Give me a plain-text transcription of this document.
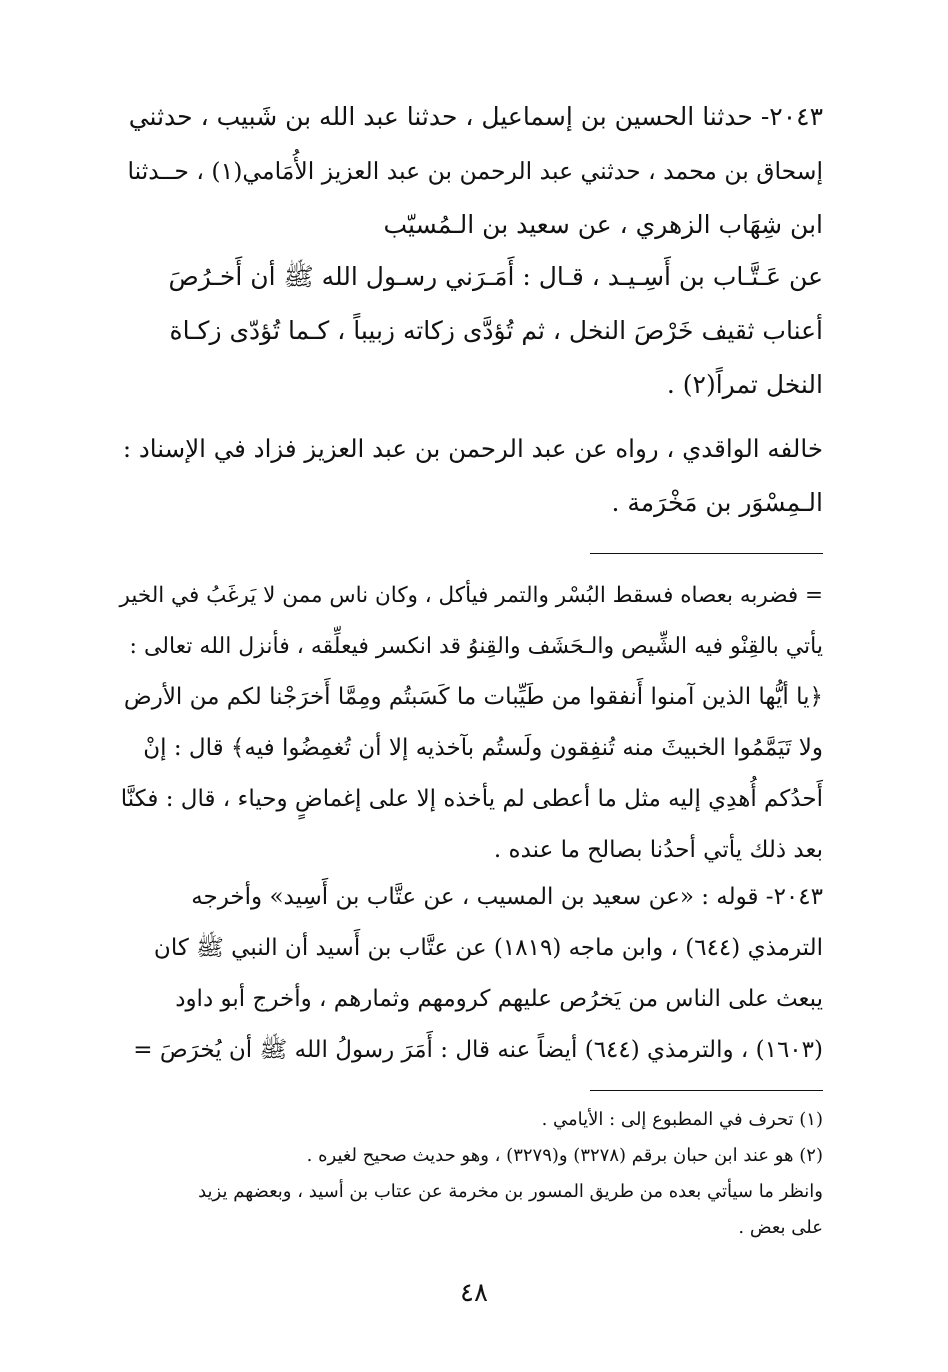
٢٠٤٣- حدثنا الحسين بن إسماعيل ، حدثنا عبد الله بن شَبيب ، حدثني
إسحاق بن محمد ، حدثني عبد الرحمن بن عبد العزيز الأُمَامي(١) ، حــدثنا
ابن شِهَاب الزهري ، عن سعيد بن الـمُسيّب
عن عَـتَّـاب بن أَسِـيـد ، قـال : أَمَـرَني رسـول الله ﷺ أن أَخـرُصَ
أعناب ثقيف خَرْصَ النخل ، ثم تُؤدَّى زكاته زبيباً ، كـما تُؤدّى زكـاة
النخل تمراً(٢) .
خالفه الواقدي ، رواه عن عبد الرحمن بن عبد العزيز فزاد في الإسناد :
الـمِسْوَر بن مَخْرَمة .
= فضربه بعصاه فسقط البُسْر والتمر فيأكل ، وكان ناس ممن لا يَرغَبُ في الخير
يأتي بالقِنْو فيه الشِّيص والـحَشَف والقِنوُ قد انكسر فيعلِّقه ، فأنزل الله تعالى :
﴿يا أيُّها الذين آمنوا أَنفقوا من طَيِّبات ما كَسَبتُم ومِمَّا أَخرَجْنا لكم من الأرض
ولا تَيَمَّمُوا الخبيثَ منه تُنفِقون ولَستُم بآخذيه إلا أن تُغمِضُوا فيه﴾ قال : إنْ
أَحدُكم أُهدِي إليه مثل ما أعطى لم يأخذه إلا على إغماضٍ وحياء ، قال : فكنَّا
بعد ذلك يأتي أحدُنا بصالح ما عنده .
٢٠٤٣- قوله : «عن سعيد بن المسيب ، عن عتَّاب بن أَسِيد» وأخرجه
الترمذي (٦٤٤) ، وابن ماجه (١٨١٩) عن عتَّاب بن أَسيد أن النبي ﷺ كان
يبعث على الناس من يَخرُص عليهم كرومهم وثمارهم ، وأخرج أبو داود
(١٦٠٣) ، والترمذي (٦٤٤) أيضاً عنه قال : أَمَرَ رسولُ الله ﷺ أن يُخرَصَ =
(١) تحرف في المطبوع إلى : الأيامي .
(٢) هو عند ابن حبان برقم (٣٢٧٨) و(٣٢٧٩) ، وهو حديث صحيح لغيره .
وانظر ما سيأتي بعده من طريق المسور بن مخرمة عن عتاب بن أسيد ، وبعضهم يزيد
على بعض .
٤٨
